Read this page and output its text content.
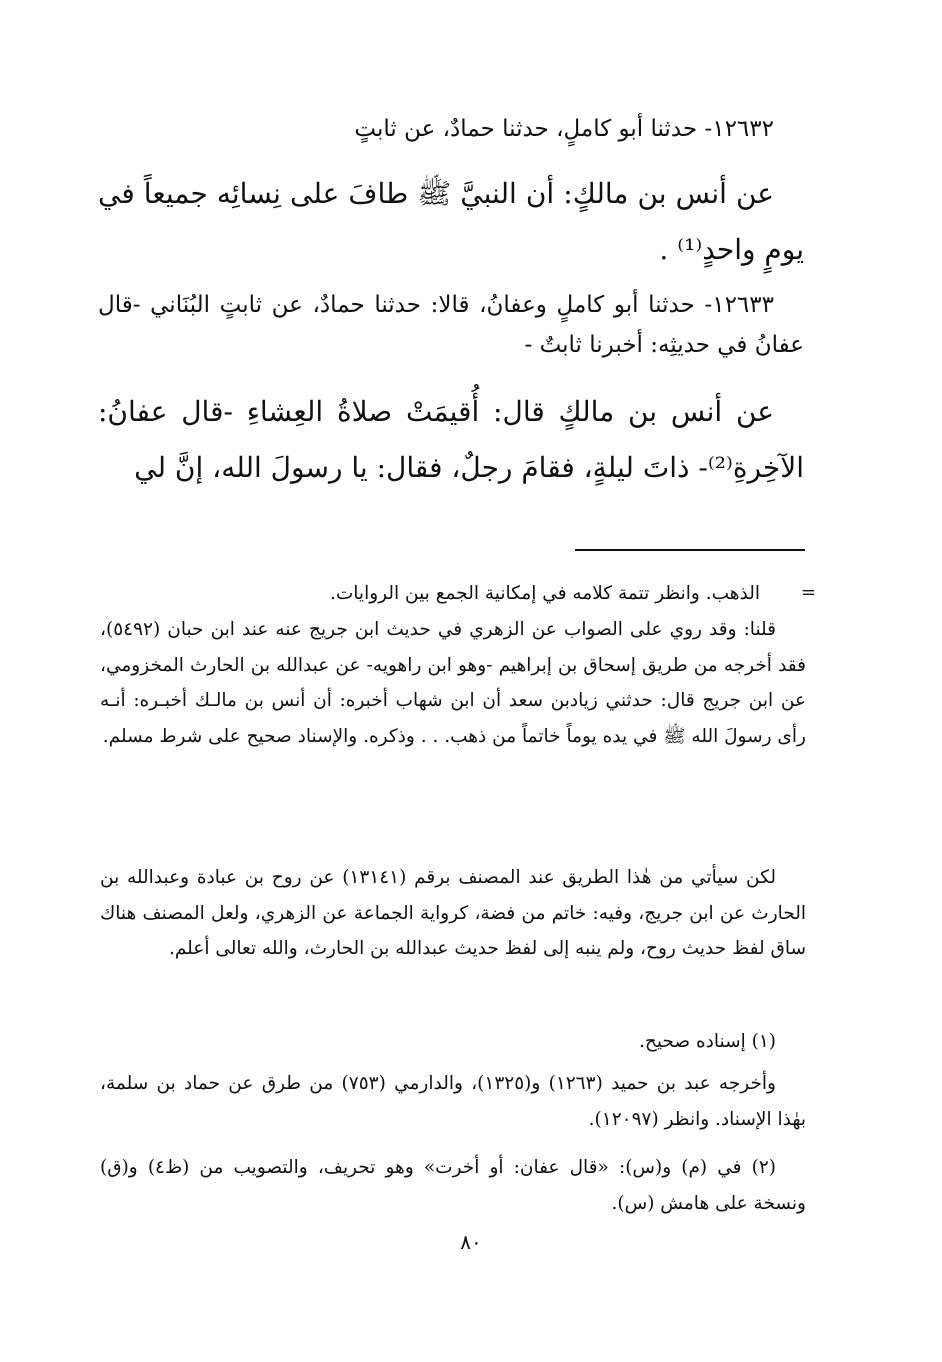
١٢٦٣٢- حدثنا أبو كاملٍ، حدثنا حمادٌ، عن ثابتٍ
عن أنس بن مالكٍ: أن النبيَّ ﷺ طافَ على نِسائِه جميعاً في يومٍ واحدٍ⁽¹⁾ .
١٢٦٣٣- حدثنا أبو كاملٍ وعفانُ، قالا: حدثنا حمادٌ، عن ثابتٍ البُنَاني -قال عفانُ في حديثِه: أخبرنا ثابتٌ -
عن أنس بن مالكٍ قال: أُقيمَتْ صلاةُ العِشاءِ -قال عفانُ: الآخِرةِ⁽²⁾- ذاتَ ليلةٍ، فقامَ رجلٌ، فقال: يا رسولَ الله، إنَّ لي
=
الذهب. وانظر تتمة كلامه في إمكانية الجمع بين الروايات.
قلنا: وقد روي على الصواب عن الزهري في حديث ابن جريج عنه عند ابن حبان (٥٤٩٢)، فقد أخرجه من طريق إسحاق بن إبراهيم -وهو ابن راهويه- عن عبدالله بن الحارث المخزومي، عن ابن جريج قال: حدثني زيادبن سعد أن ابن شهاب أخبره: أن أنس بن مالـك أخبـره: أنـه رأى رسولَ الله ﷺ في يده يوماً خاتماً من ذهب. . . وذكره. والإسناد صحيح على شرط مسلم.
لكن سيأتي من هٰذا الطريق عند المصنف برقم (١٣١٤١) عن روح بن عبادة وعبدالله بن الحارث عن ابن جريج، وفيه: خاتم من فضة، كرواية الجماعة عن الزهري، ولعل المصنف هناك ساق لفظ حديث روح، ولم ينبه إلى لفظ حديث عبدالله بن الحارث، والله تعالى أعلم.
(١) إسناده صحيح.
وأخرجه عبد بن حميد (١٢٦٣) و(١٣٢٥)، والدارمي (٧٥٣) من طرق عن حماد بن سلمة، بهٰذا الإسناد. وانظر (١٢٠٩٧).
(٢) في (م) و(س): «قال عفان: أو أخرت» وهو تحريف، والتصويب من (ظ٤) و(ق) ونسخة على هامش (س).
٨٠
